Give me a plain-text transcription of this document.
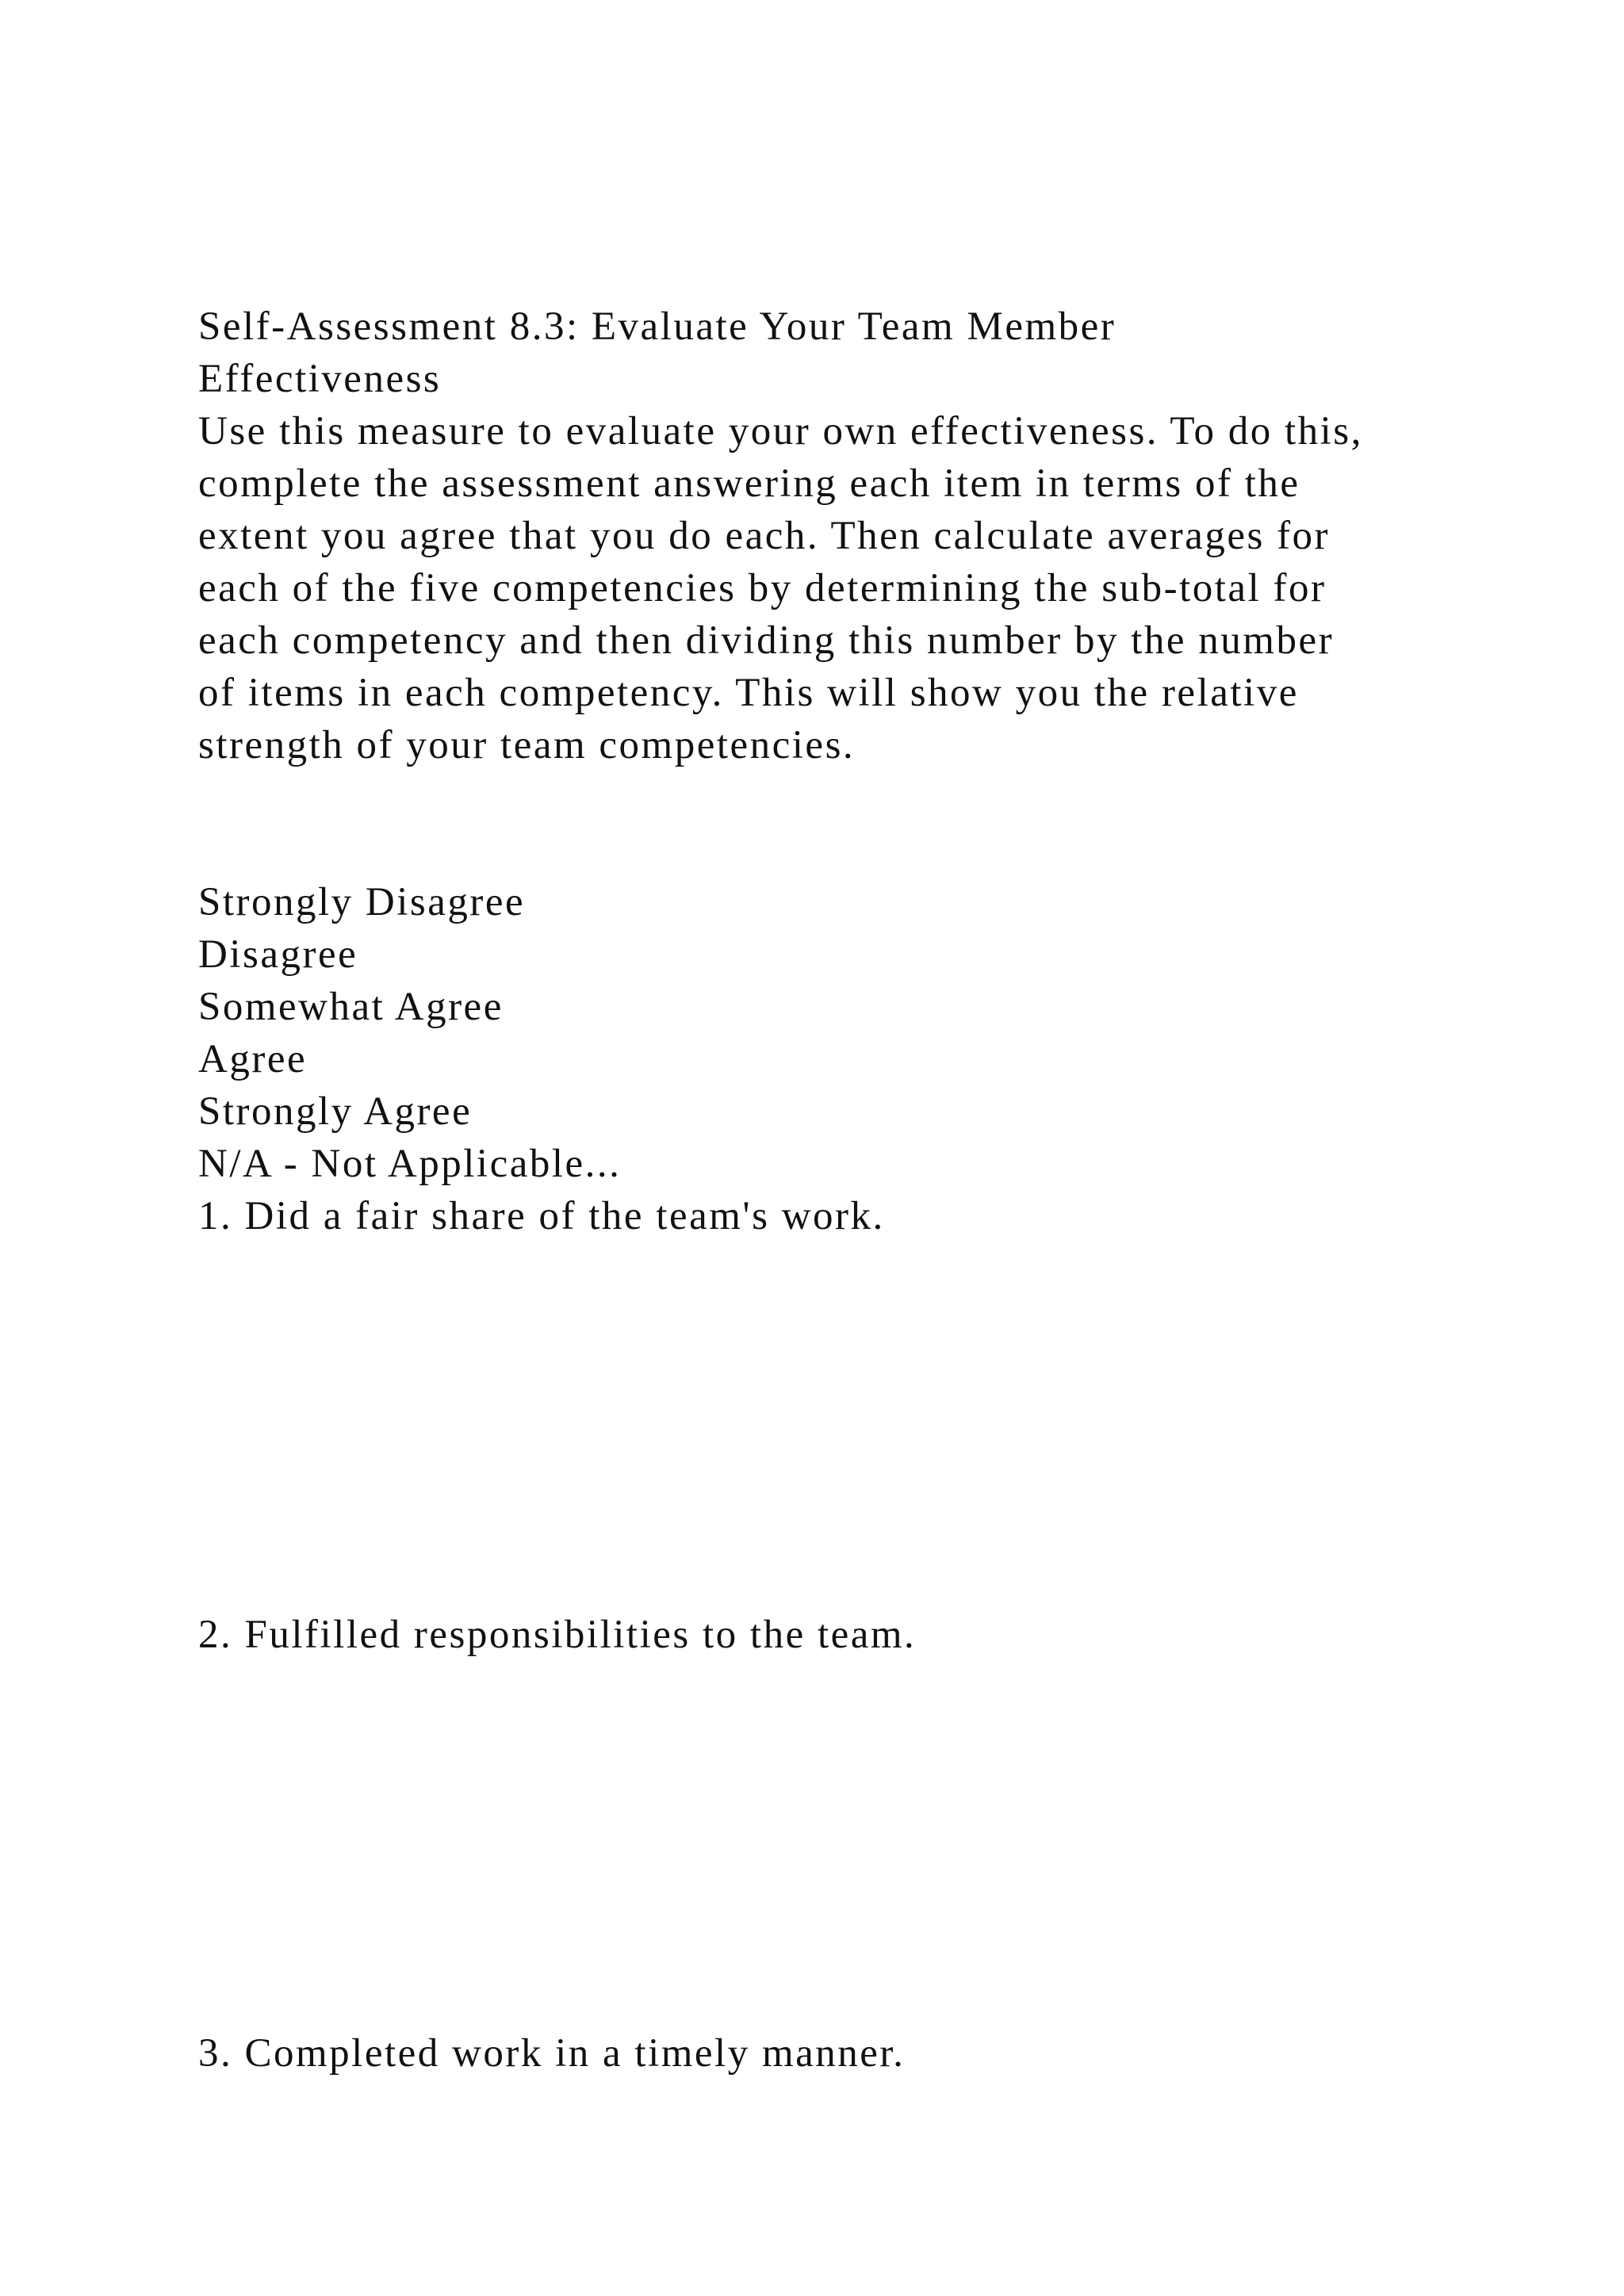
Self-Assessment 8.3: Evaluate Your Team Member
Effectiveness
Use this measure to evaluate your own effectiveness. To do this,
complete the assessment answering each item in terms of the
extent you agree that you do each. Then calculate averages for
each of the five competencies by determining the sub-total for
each competency and then dividing this number by the number
of items in each competency. This will show you the relative
strength of your team competencies.
Strongly Disagree
Disagree
Somewhat Agree
Agree
Strongly Agree
N/A - Not Applicable...
1. Did a fair share of the team's work.
2. Fulfilled responsibilities to the team.
3. Completed work in a timely manner.
